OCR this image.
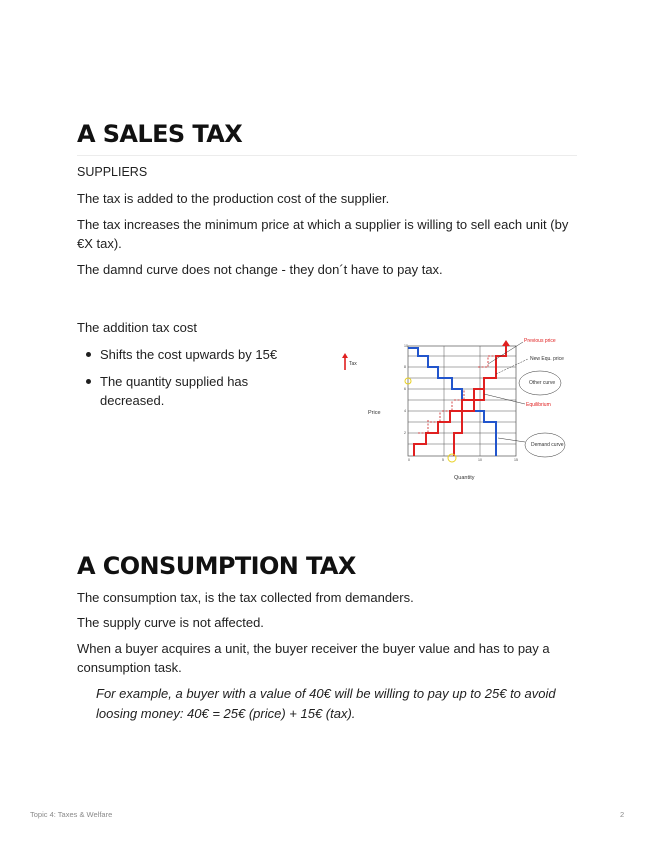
A SALES TAX

SUPPLIERS

The tax is added to the production cost of the supplier.

The tax increases the minimum price at which a supplier is willing to sell each unit (by €X tax).

The damnd curve does not change - they don´t have to pay tax.

The addition tax cost

Shifts the cost upwards by 15€
The quantity supplied has decreased.
Tax
Price
Quantity
10
8
6
4
2
0	5	10	15
Previous price
New Equ. price
Other curve
Equilibrium
Demand curve
A CONSUMPTION TAX

The consumption tax, is the tax collected from demanders.

The supply curve is not affected.

When a buyer acquires a unit, the buyer receiver the buyer value and has to pay a consumption task.

For example, a buyer with a value of 40€ will be willing to pay up to 25€ to avoid loosing money: 40€ = 25€ (price) + 15€ (tax).

Topic 4: Taxes & Welfare	2
